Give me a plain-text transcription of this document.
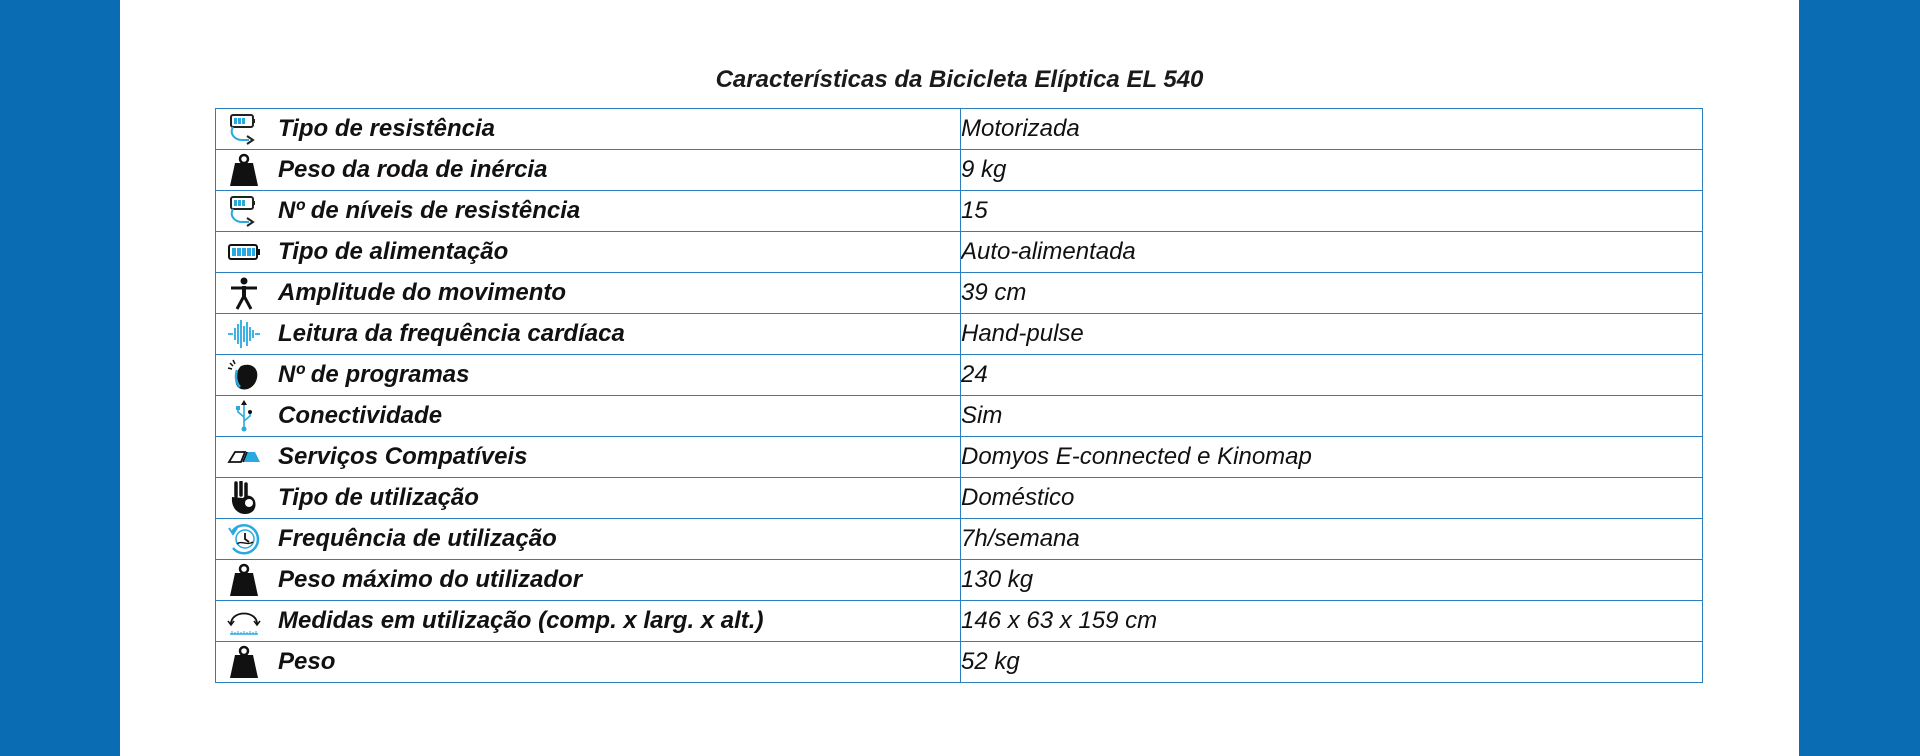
Características da Bicicleta Elíptica EL 540
Tipo de resistência	Motorizada

Peso da roda de inércia	9 kg

Nº de níveis de resistência	15

Tipo de alimentação	Auto-alimentada

Amplitude do movimento	39 cm

Leitura da frequência cardíaca	Hand-pulse

Nº de programas	24

Conectividade	Sim

Serviços Compatíveis	Domyos E-connected e Kinomap

Tipo de utilização	Doméstico

Frequência de utilização	7h/semana

Peso máximo do utilizador	130 kg

Medidas em utilização (comp. x larg. x alt.)	146 x 63 x 159 cm

Peso	52 kg
